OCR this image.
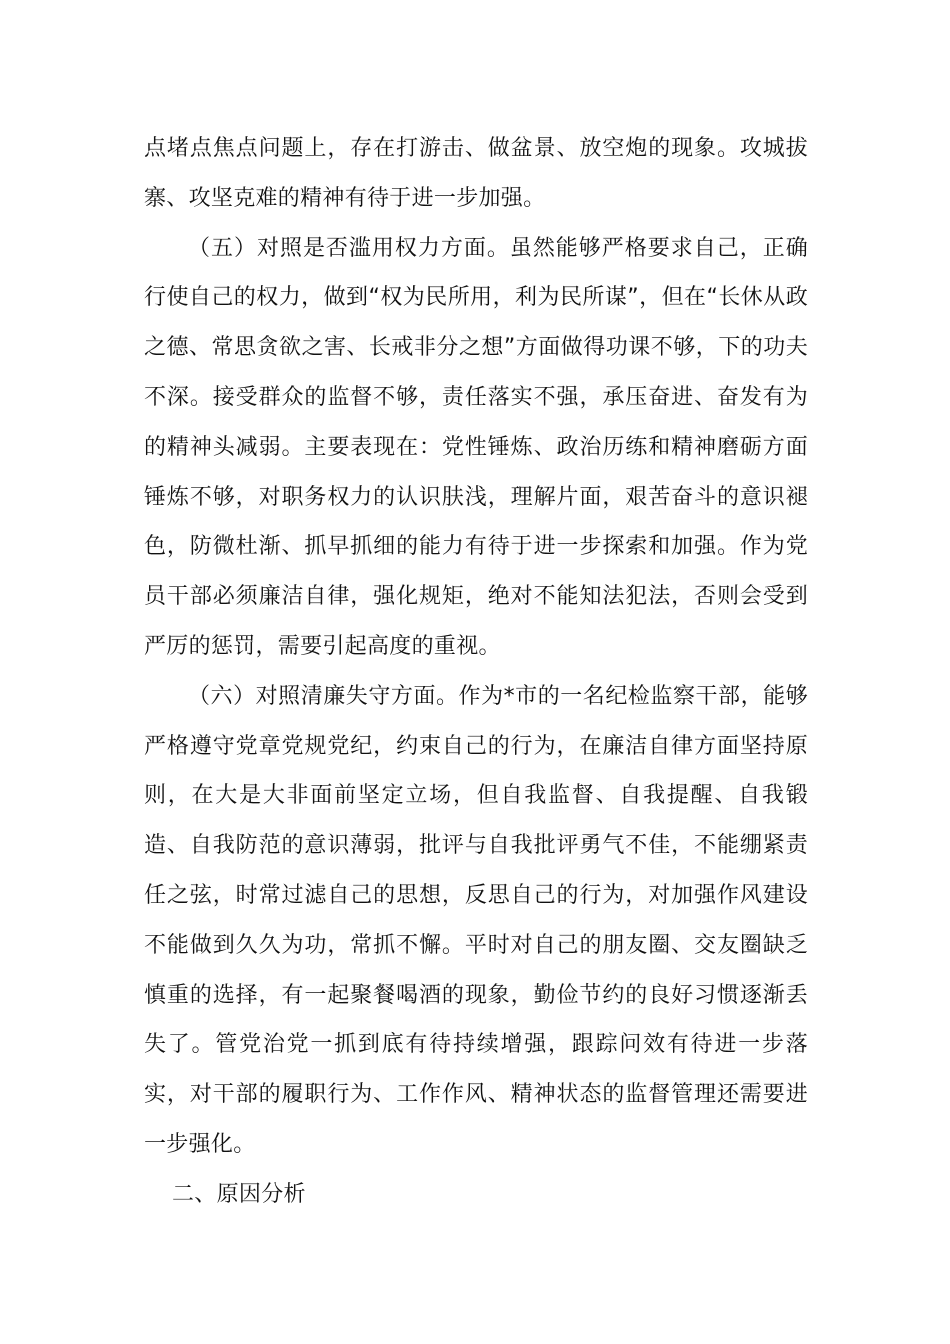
点堵点焦点问题上，存在打游击、做盆景、放空炮的现象。攻城拔寨、攻坚克难的精神有待于进一步加强。

（五）对照是否滥用权力方面。虽然能够严格要求自己，正确行使自己的权力，做到“权为民所用，利为民所谋”，但在“长休从政之德、常思贪欲之害、长戒非分之想”方面做得功课不够，下的功夫不深。接受群众的监督不够，责任落实不强，承压奋进、奋发有为的精神头减弱。主要表现在：党性锤炼、政治历练和精神磨砺方面锤炼不够，对职务权力的认识肤浅，理解片面，艰苦奋斗的意识褪色，防微杜渐、抓早抓细的能力有待于进一步探索和加强。作为党员干部必须廉洁自律，强化规矩，绝对不能知法犯法，否则会受到严厉的惩罚，需要引起高度的重视。

（六）对照清廉失守方面。作为*市的一名纪检监察干部，能够严格遵守党章党规党纪，约束自己的行为，在廉洁自律方面坚持原则，在大是大非面前坚定立场，但自我监督、自我提醒、自我锻造、自我防范的意识薄弱，批评与自我批评勇气不佳，不能绷紧责任之弦，时常过滤自己的思想，反思自己的行为，对加强作风建设不能做到久久为功，常抓不懈。平时对自己的朋友圈、交友圈缺乏慎重的选择，有一起聚餐喝酒的现象，勤俭节约的良好习惯逐渐丢失了。管党治党一抓到底有待持续增强，跟踪问效有待进一步落实，对干部的履职行为、工作作风、精神状态的监督管理还需要进一步强化。

二、原因分析
